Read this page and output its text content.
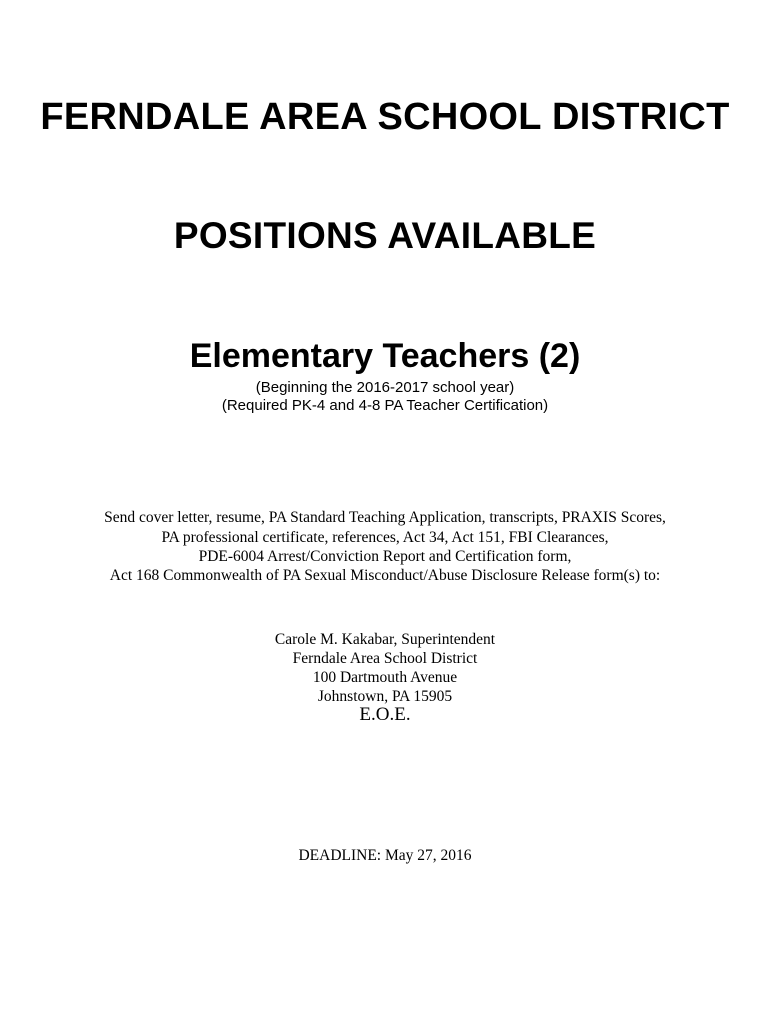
FERNDALE AREA SCHOOL DISTRICT
POSITIONS AVAILABLE
Elementary Teachers (2)

(Beginning the 2016-2017 school year)

(Required PK-4 and 4-8 PA Teacher Certification)

Send cover letter, resume, PA Standard Teaching Application, transcripts, PRAXIS Scores,

PA professional certificate, references, Act 34, Act 151, FBI Clearances,

PDE-6004 Arrest/Conviction Report and Certification form,

Act 168 Commonwealth of PA Sexual Misconduct/Abuse Disclosure Release form(s) to:

Carole M. Kakabar, Superintendent

Ferndale Area School District

100 Dartmouth Avenue

Johnstown, PA 15905

E.O.E.

DEADLINE: May 27, 2016
